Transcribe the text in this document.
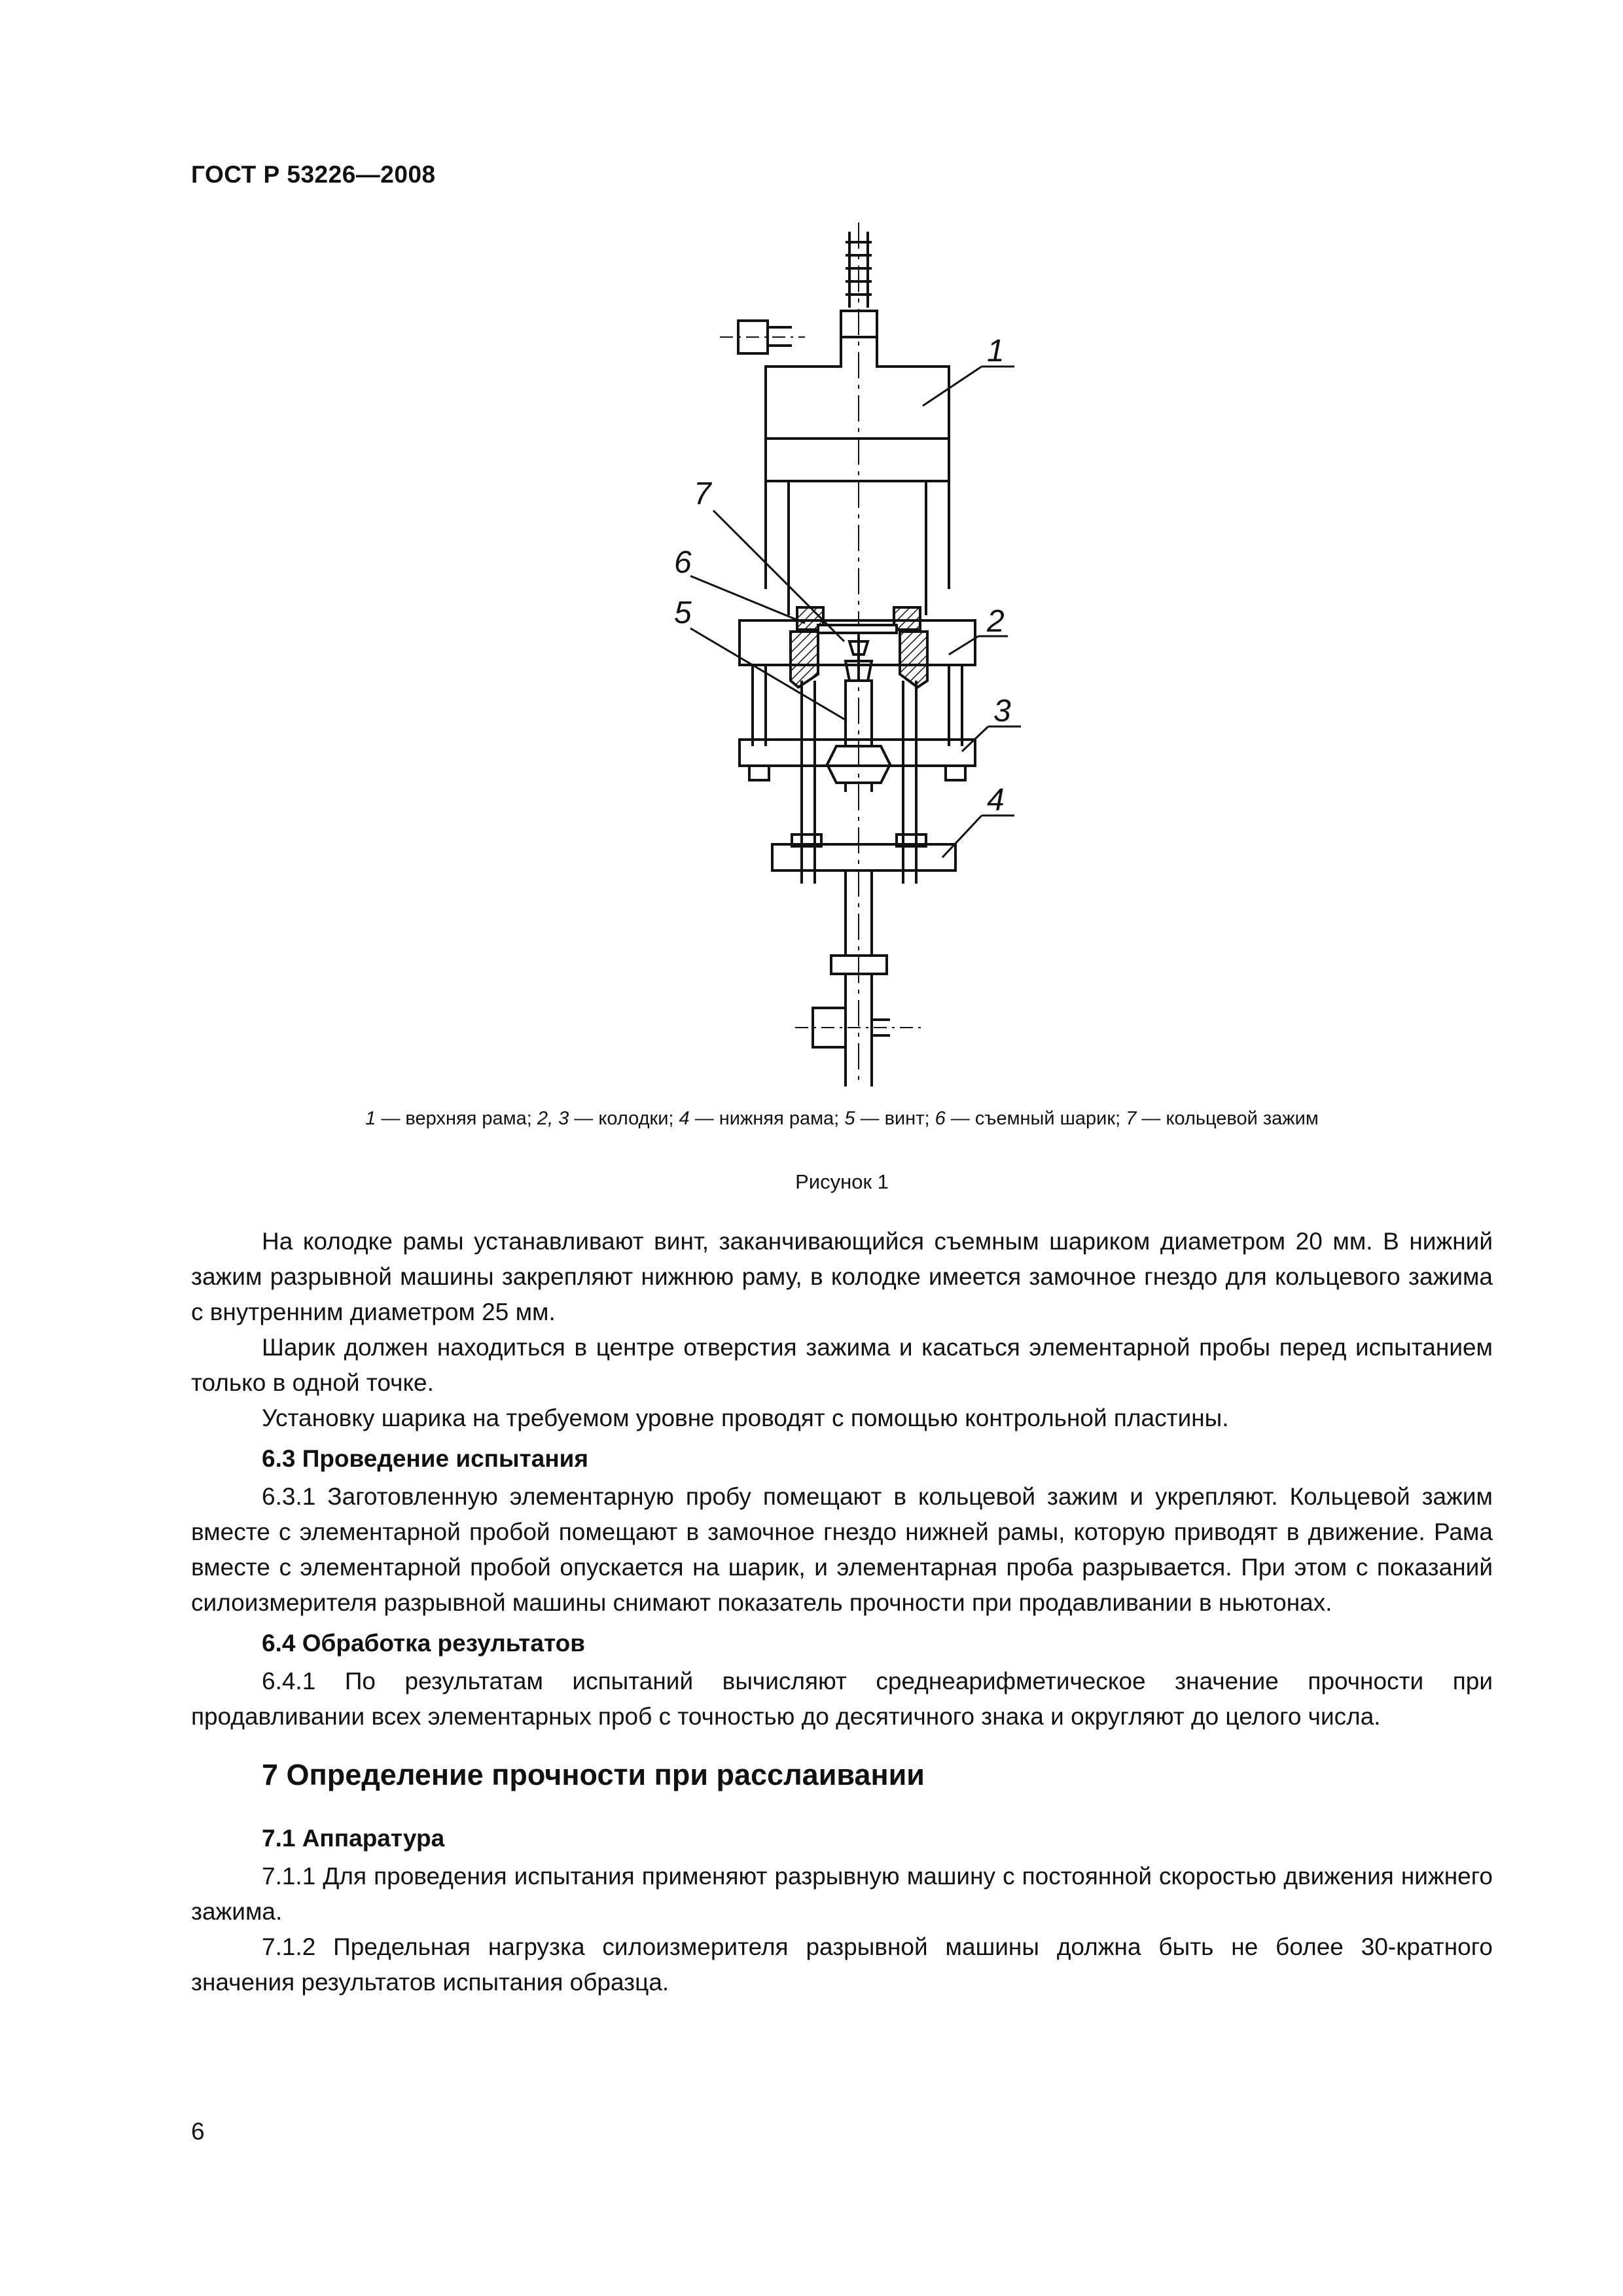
ГОСТ Р 53226—2008
1
2
3
4
5
6
7
1 — верхняя рама; 2, 3 — колодки; 4 — нижняя рама; 5 — винт; 6 — съемный шарик; 7 — кольцевой зажим
Рисунок 1

На колодке рамы устанавливают винт, заканчивающийся съемным шариком диаметром 20 мм. В нижний зажим разрывной машины закрепляют нижнюю раму, в колодке имеется замочное гнездо для кольцевого зажима с внутренним диаметром 25 мм.

Шарик должен находиться в центре отверстия зажима и касаться элементарной пробы перед испытанием только в одной точке.

Установку шарика на требуемом уровне проводят с помощью контрольной пластины.

6.3 Проведение испытания

6.3.1 Заготовленную элементарную пробу помещают в кольцевой зажим и укрепляют. Кольцевой зажим вместе с элементарной пробой помещают в замочное гнездо нижней рамы, которую приводят в движение. Рама вместе с элементарной пробой опускается на шарик, и элементарная проба разрывается. При этом с показаний силоизмерителя разрывной машины снимают показатель прочности при продавливании в ньютонах.

6.4 Обработка результатов

6.4.1 По результатам испытаний вычисляют среднеарифметическое значение прочности при продавливании всех элементарных проб с точностью до десятичного знака и округляют до целого числа.

7 Определение прочности при расслаивании
7.1 Аппаратура

7.1.1 Для проведения испытания применяют разрывную машину с постоянной скоростью движения нижнего зажима.

7.1.2 Предельная нагрузка силоизмерителя разрывной машины должна быть не более 30-кратного значения результатов испытания образца.

6
